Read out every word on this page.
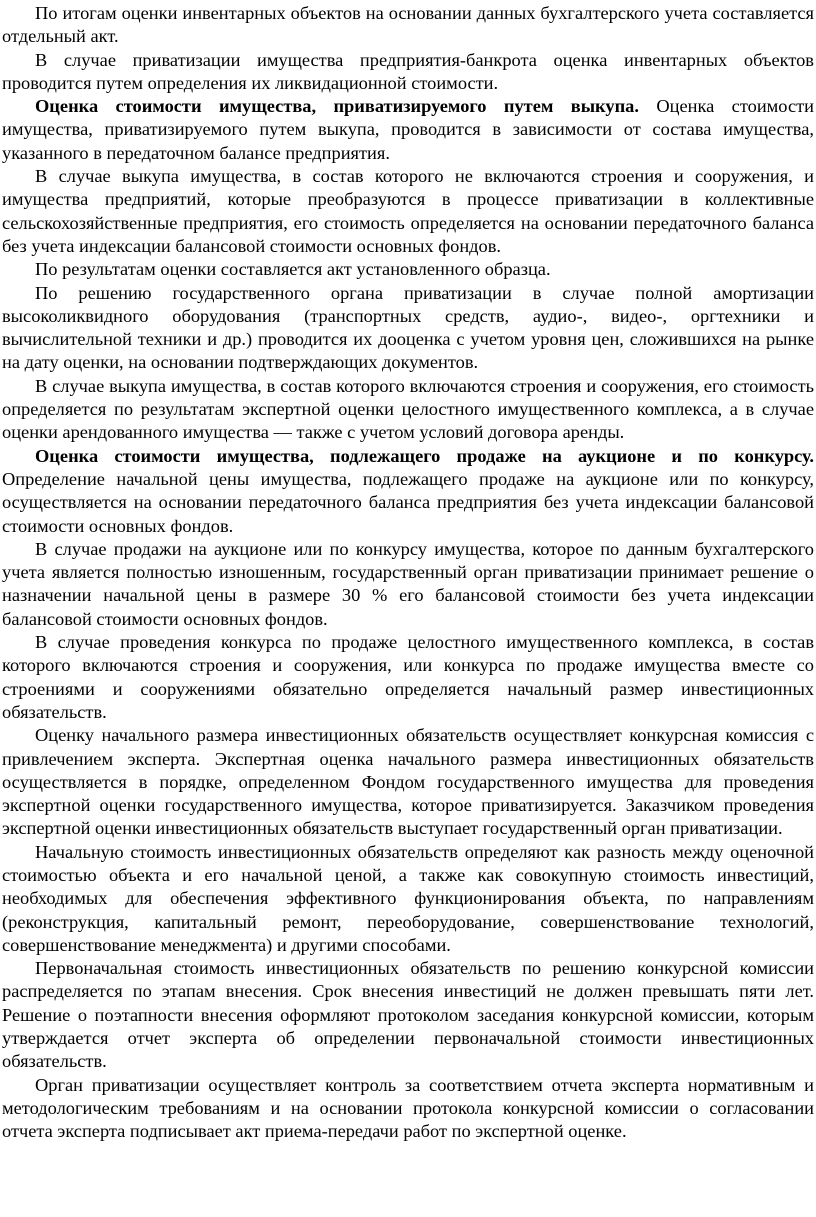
По итогам оценки инвентарных объектов на основании данных бухгалтерского учета составляется отдельный акт.

В случае приватизации имущества предприятия-банкрота оценка инвентарных объектов проводится путем определения их ликвидационной стоимости.

Оценка стоимости имущества, приватизируемого путем выкупа. Оценка стоимости имущества, приватизируемого путем выкупа, проводится в зависимости от состава имущества, указанного в передаточном балансе предприятия.

В случае выкупа имущества, в состав которого не включаются строения и сооружения, и имущества предприятий, которые преобразуются в процессе приватизации в коллективные сельскохозяйственные предприятия, его стоимость определяется на основании передаточного баланса без учета индексации балансовой стоимости основных фондов.

По результатам оценки составляется акт установленного образца.

По решению государственного органа приватизации в случае полной амортизации высоколиквидного оборудования (транспортных средств, аудио-, видео-, оргтехники и вычислительной техники и др.) проводится их дооценка с учетом уровня цен, сложившихся на рынке на дату оценки, на основании подтверждающих документов.

В случае выкупа имущества, в состав которого включаются строения и сооружения, его стоимость определяется по результатам экспертной оценки целостного имущественного комплекса, а в случае оценки арендованного имущества — также с учетом условий договора аренды.

Оценка стоимости имущества, подлежащего продаже на аукционе и по конкурсу. Определение начальной цены имущества, подлежащего продаже на аукционе или по конкурсу, осуществляется на основании передаточного баланса предприятия без учета индексации балансовой стоимости основных фондов.

В случае продажи на аукционе или по конкурсу имущества, которое по данным бухгалтерского учета является полностью изношенным, государственный орган приватизации принимает решение о назначении начальной цены в размере 30 % его балансовой стоимости без учета индексации балансовой стоимости основных фондов.

В случае проведения конкурса по продаже целостного имущественного комплекса, в состав которого включаются строения и сооружения, или конкурса по продаже имущества вместе со строениями и сооружениями обязательно определяется начальный размер инвестиционных обязательств.

Оценку начального размера инвестиционных обязательств осуществляет конкурсная комиссия с привлечением эксперта. Экспертная оценка начального размера инвестиционных обязательств осуществляется в порядке, определенном Фондом государственного имущества для проведения экспертной оценки государственного имущества, которое приватизируется. Заказчиком проведения экспертной оценки инвестиционных обязательств выступает государственный орган приватизации.

Начальную стоимость инвестиционных обязательств определяют как разность между оценочной стоимостью объекта и его начальной ценой, а также как совокупную стоимость инвестиций, необходимых для обеспечения эффективного функционирования объекта, по направлениям (реконструкция, капитальный ремонт, переоборудование, совершенствование технологий, совершенствование менеджмента) и другими способами.

Первоначальная стоимость инвестиционных обязательств по решению конкурсной комиссии распределяется по этапам внесения. Срок внесения инвестиций не должен превышать пяти лет. Решение о поэтапности внесения оформляют протоколом заседания конкурсной комиссии, которым утверждается отчет эксперта об определении первоначальной стоимости инвестиционных обязательств.

Орган приватизации осуществляет контроль за соответствием отчета эксперта нормативным и методологическим требованиям и на основании протокола конкурсной комиссии о согласовании отчета эксперта подписывает акт приема-передачи работ по экспертной оценке.
